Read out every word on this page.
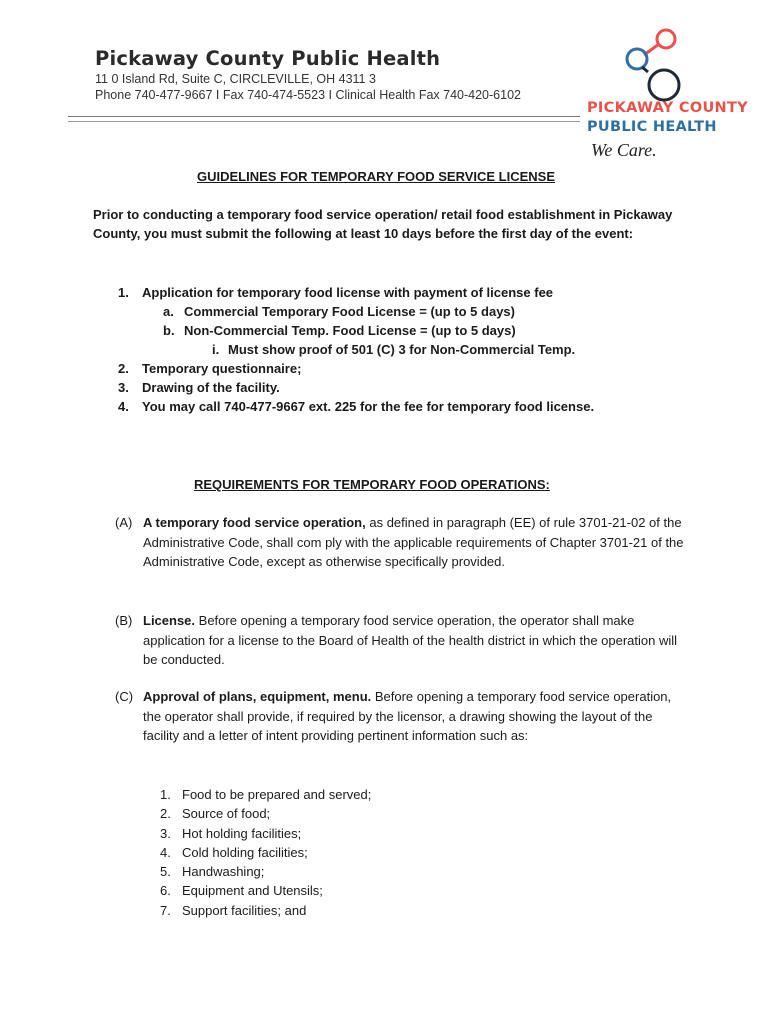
Pickaway County Public Health
11 0 Island Rd, Suite C, CIRCLEVILLE, OH 4311 3
Phone 740-477-9667 I Fax 740-474-5523 I Clinical Health Fax 740-420-6102
PICKAWAY COUNTY
PUBLIC HEALTH
We Care.
GUIDELINES FOR TEMPORARY FOOD SERVICE LICENSE
Prior to conducting a temporary food service operation/ retail food establishment in Pickaway County, you must submit the following at least 10 days before the first day of the event:
1. Application for temporary food license with payment of license fee
a. Commercial Temporary Food License = (up to 5 days)
b. Non-Commercial Temp. Food License = (up to 5 days)
i. Must show proof of 501 (C) 3 for Non-Commercial Temp.
2. Temporary questionnaire;
3. Drawing of the facility.
4. You may call 740-477-9667 ext. 225 for the fee for temporary food license.
REQUIREMENTS FOR TEMPORARY FOOD OPERATIONS:
(A) A temporary food service operation, as defined in paragraph (EE) of rule 3701-21-02 of the Administrative Code, shall com ply with the applicable requirements of Chapter 3701-21 of the Administrative Code, except as otherwise specifically provided.
(B) License. Before opening a temporary food service operation, the operator shall make application for a license to the Board of Health of the health district in which the operation will be conducted.
(C) Approval of plans, equipment, menu. Before opening a temporary food service operation, the operator shall provide, if required by the licensor, a drawing showing the layout of the facility and a letter of intent providing pertinent information such as:
1. Food to be prepared and served;
2. Source of food;
3. Hot holding facilities;
4. Cold holding facilities;
5. Handwashing;
6. Equipment and Utensils;
7. Support facilities; and
